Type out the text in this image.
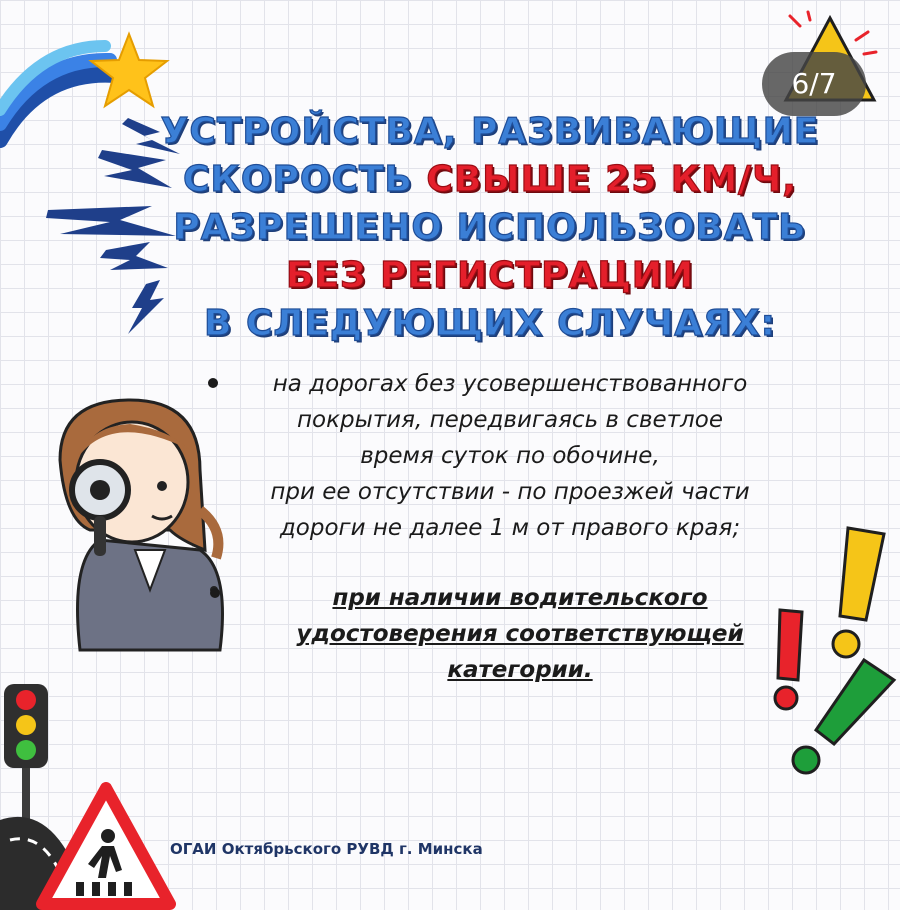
6/7
УСТРОЙСТВА, РАЗВИВАЮЩИЕ
СКОРОСТЬ СВЫШЕ 25 КМ/Ч,
РАЗРЕШЕНО ИСПОЛЬЗОВАТЬ
БЕЗ РЕГИСТРАЦИИ
В СЛЕДУЮЩИХ СЛУЧАЯХ:
на дорогах без усовершенствованного
покрытия, передвигаясь в светлое
время суток по обочине,
при ее отсутствии - по проезжей части
дороги не далее 1 м от правого края;
при наличии водительского
удостоверения соответствующей
категории.
ОГАИ Октябрьского РУВД г. Минска
